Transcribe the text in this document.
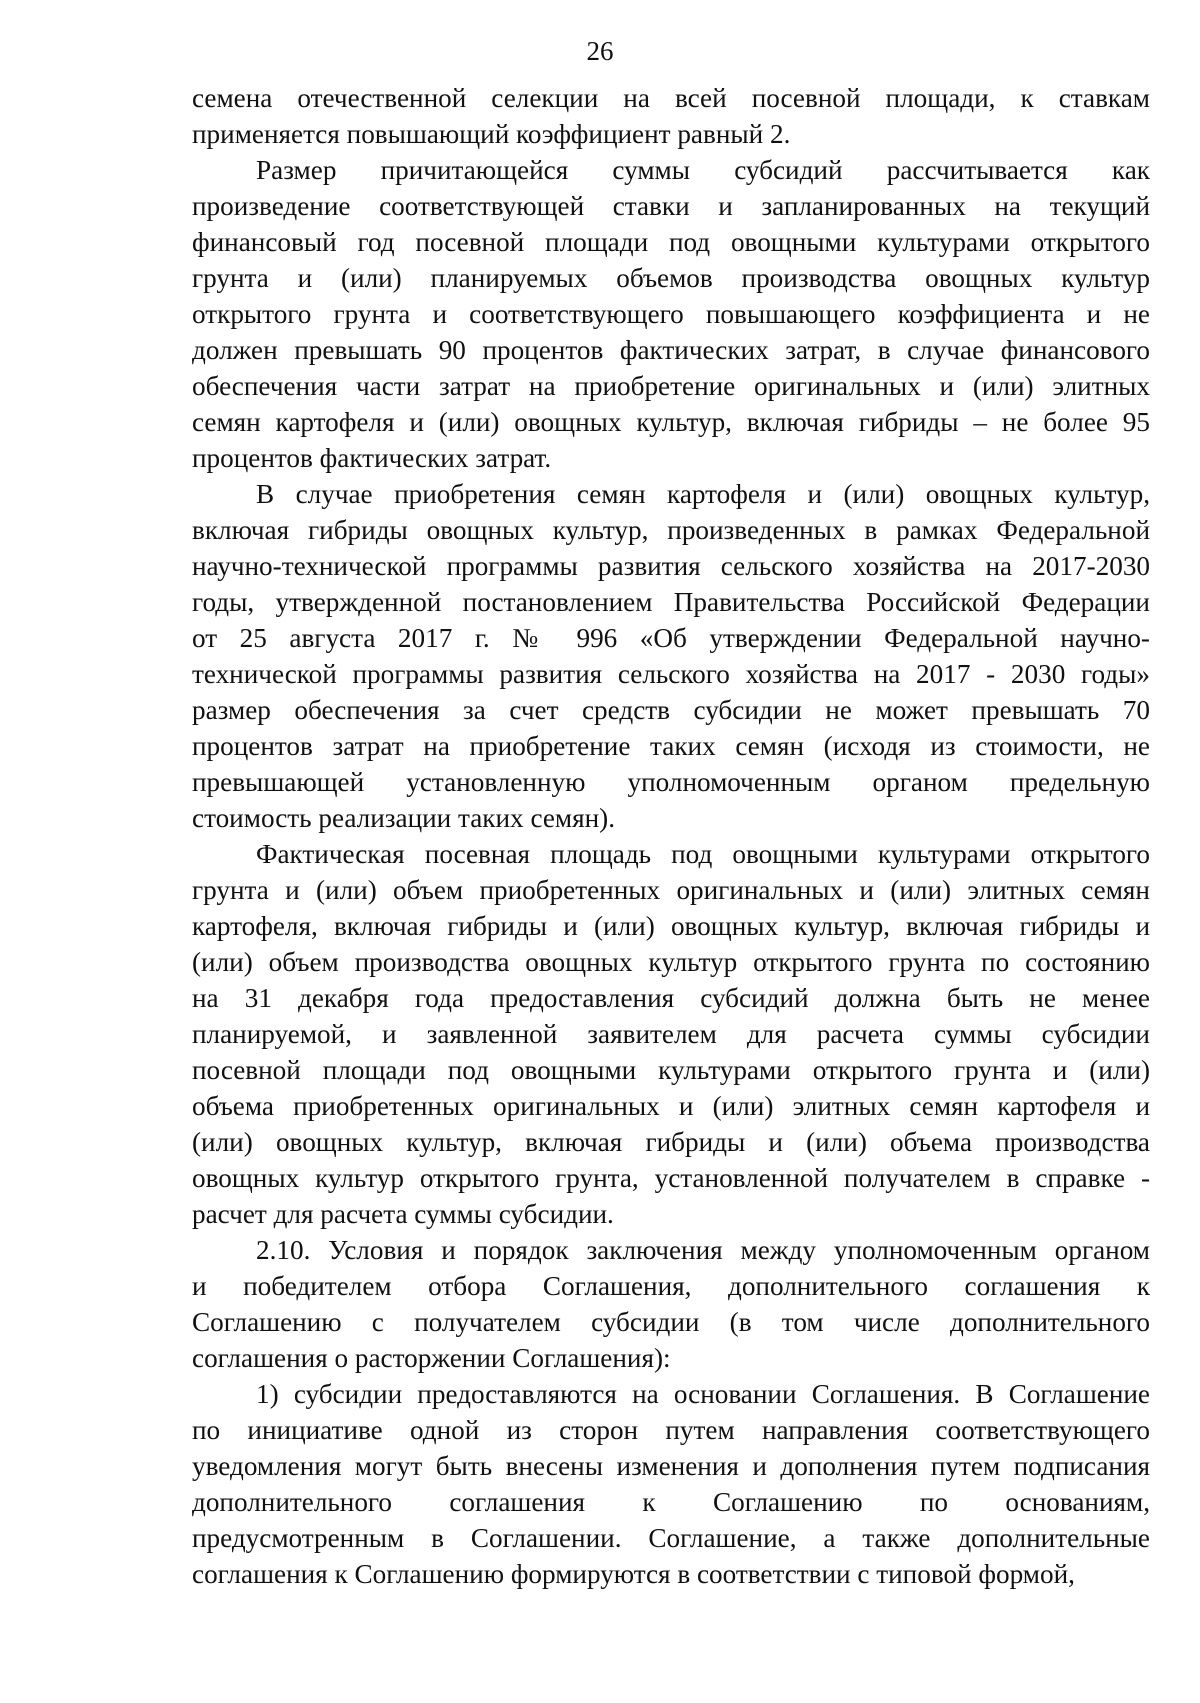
26
семена отечественной селекции на всей посевной площади, к ставкам
применяется повышающий коэффициент равный 2.
Размер причитающейся суммы субсидий рассчитывается как
произведение соответствующей ставки и запланированных на текущий
финансовый год посевной площади под овощными культурами открытого
грунта и (или) планируемых объемов производства овощных культур
открытого грунта и соответствующего повышающего коэффициента и не
должен превышать 90 процентов фактических затрат, в случае финансового
обеспечения части затрат на приобретение оригинальных и (или) элитных
семян картофеля и (или) овощных культур, включая гибриды – не более 95
процентов фактических затрат.
В случае приобретения семян картофеля и (или) овощных культур,
включая гибриды овощных культур, произведенных в рамках Федеральной
научно-технической программы развития сельского хозяйства на 2017-2030
годы, утвержденной постановлением Правительства Российской Федерации
от 25 августа 2017 г. № 996 «Об утверждении Федеральной научно-
технической программы развития сельского хозяйства на 2017 - 2030 годы»
размер обеспечения за счет средств субсидии не может превышать 70
процентов затрат на приобретение таких семян (исходя из стоимости, не
превышающей установленную уполномоченным органом предельную
стоимость реализации таких семян).
Фактическая посевная площадь под овощными культурами открытого
грунта и (или) объем приобретенных оригинальных и (или) элитных семян
картофеля, включая гибриды и (или) овощных культур, включая гибриды и
(или) объем производства овощных культур открытого грунта по состоянию
на 31 декабря года предоставления субсидий должна быть не менее
планируемой, и заявленной заявителем для расчета суммы субсидии
посевной площади под овощными культурами открытого грунта и (или)
объема приобретенных оригинальных и (или) элитных семян картофеля и
(или) овощных культур, включая гибриды и (или) объема производства
овощных культур открытого грунта, установленной получателем в справке -
расчет для расчета суммы субсидии.
2.10. Условия и порядок заключения между уполномоченным органом
и победителем отбора Соглашения, дополнительного соглашения к
Соглашению с получателем субсидии (в том числе дополнительного
соглашения о расторжении Соглашения):
1) субсидии предоставляются на основании Соглашения. В Соглашение
по инициативе одной из сторон путем направления соответствующего
уведомления могут быть внесены изменения и дополнения путем подписания
дополнительного соглашения к Соглашению по основаниям,
предусмотренным в Соглашении. Соглашение, а также дополнительные
соглашения к Соглашению формируются в соответствии с типовой формой,
